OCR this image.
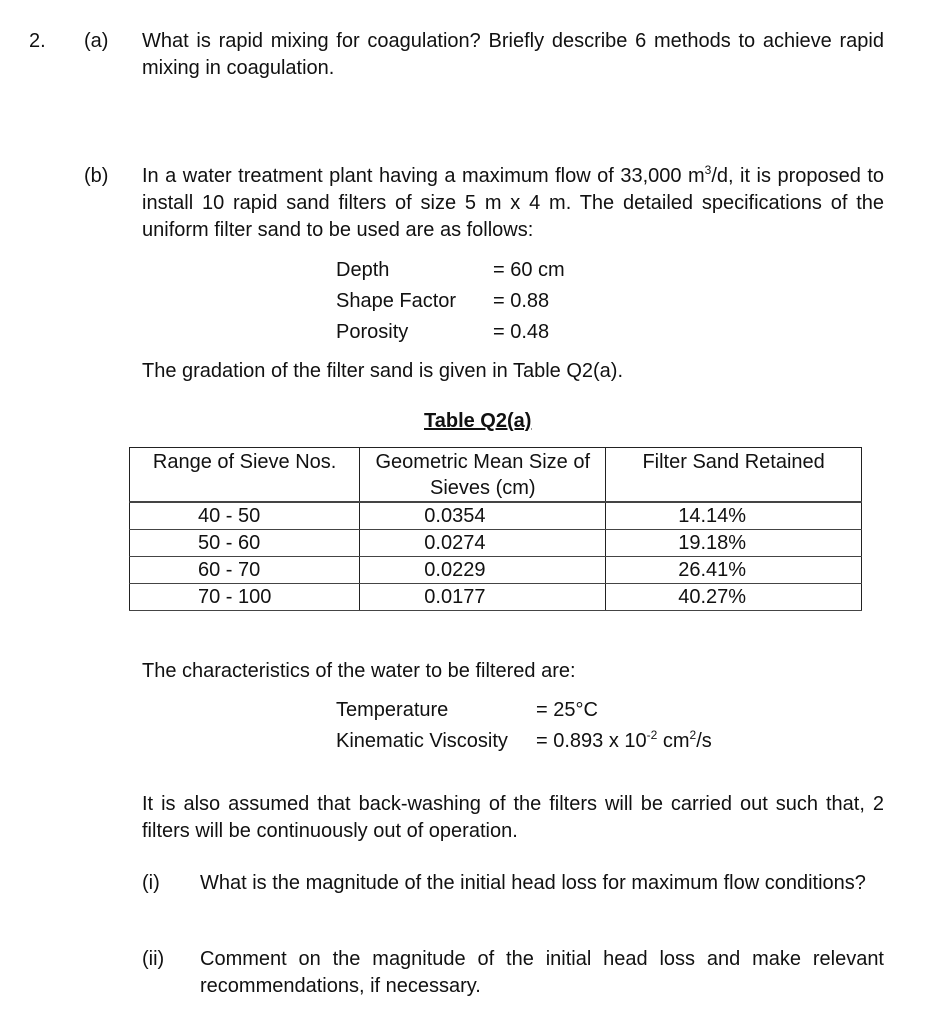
2. (a) What is rapid mixing for coagulation? Briefly describe 6 methods to achieve rapid mixing in coagulation.
(b) In a water treatment plant having a maximum flow of 33,000 $m^3/d$, it is proposed to install 10 rapid sand filters of size 5 m x 4 m. The detailed specifications of the uniform filter sand to be used are as follows:
Depth	= 60 cm
Shape Factor = 0.88
Porosity	= 0.48
The gradation of the filter sand is given in Table Q2(a).
Table Q2(a)
Range of Sieve Nos.	Geometric Mean Size of Sieves (cm)	Filter Sand Retained
40 - 50	0.0354	14.14%
50 - 60	0.0274	19.18%
60 - 70	0.0229	26.41%
70 - 100	0.0177	40.27%
The characteristics of the water to be filtered are:
Temperature	= 25°C
Kinematic Viscosity = 0.893 x $10^{-2}$ $cm^2/s$
It is also assumed that back-washing of the filters will be carried out such that, 2 filters will be continuously out of operation.
(i) What is the magnitude of the initial head loss for maximum flow conditions?
(ii) Comment on the magnitude of the initial head loss and make relevant recommendations, if necessary.
